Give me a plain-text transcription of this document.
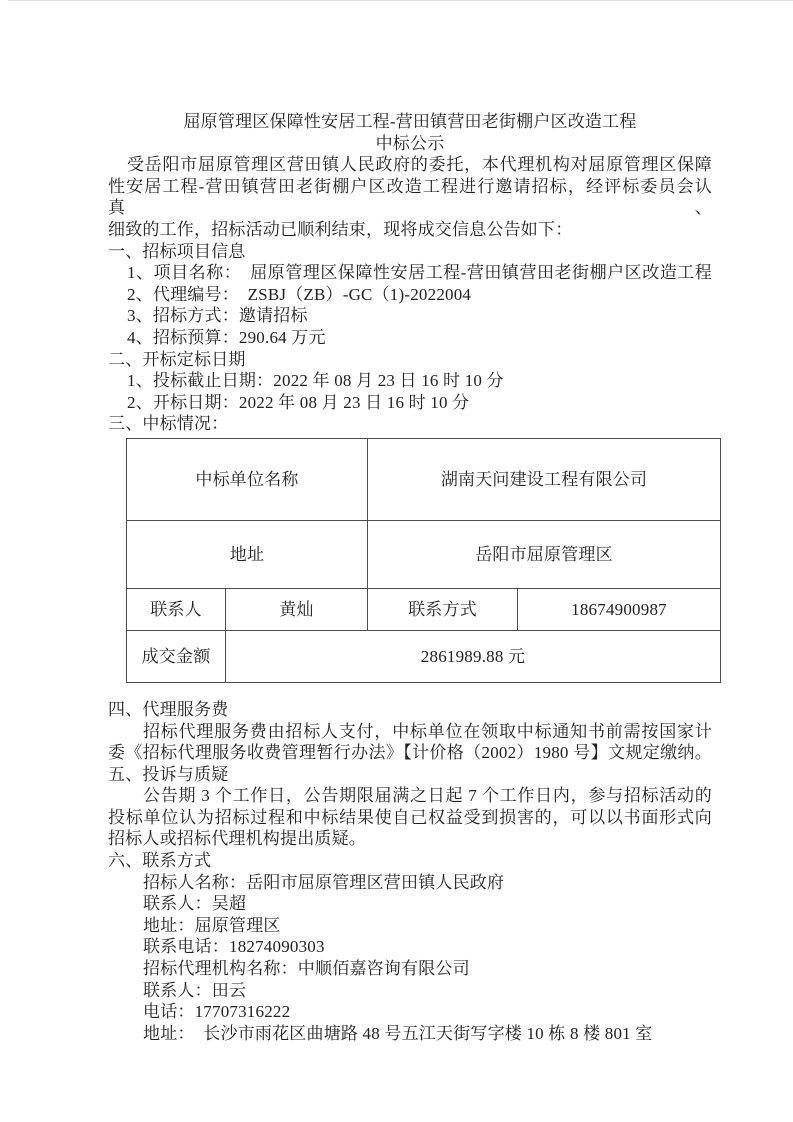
屈原管理区保障性安居工程-营田镇营田老街棚户区改造工程
中标公示
受岳阳市屈原管理区营田镇人民政府的委托，本代理机构对屈原管理区保障
性安居工程-营田镇营田老街棚户区改造工程进行邀请招标，经评标委员会认真、
细致的工作，招标活动已顺利结束，现将成交信息公告如下：
一、招标项目信息
1、项目名称：　屈原管理区保障性安居工程-营田镇营田老街棚户区改造工程
2、代理编号：　ZSBJ（ZB）-GC（1)-2022004
3、招标方式：邀请招标
4、招标预算：290.64 万元
二、开标定标日期
1、投标截止日期：2022 年 08 月 23 日 16 时 10 分
2、开标日期：2022 年 08 月 23 日 16 时 10 分
三、中标情况：
中标单位名称		湖南天问建设工程有限公司	
地址		岳阳市屈原管理区	
联系人	黄灿	联系方式	18674900987
成交金额	2861989.88 元		
四、代理服务费
招标代理服务费由招标人支付，中标单位在领取中标通知书前需按国家计
委《招标代理服务收费管理暂行办法》【计价格（2002）1980 号】文规定缴纳。
五、投诉与质疑
公告期 3 个工作日，公告期限届满之日起 7 个工作日内，参与招标活动的
投标单位认为招标过程和中标结果使自己权益受到损害的，可以以书面形式向
招标人或招标代理机构提出质疑。
六、联系方式
招标人名称：岳阳市屈原管理区营田镇人民政府
联系人：吴超
地址：屈原管理区
联系电话：18274090303
招标代理机构名称：中顺佰嘉咨询有限公司
联系人：田云
电话：17707316222
地址：　长沙市雨花区曲塘路 48 号五江天街写字楼 10 栋 8 楼 801 室
